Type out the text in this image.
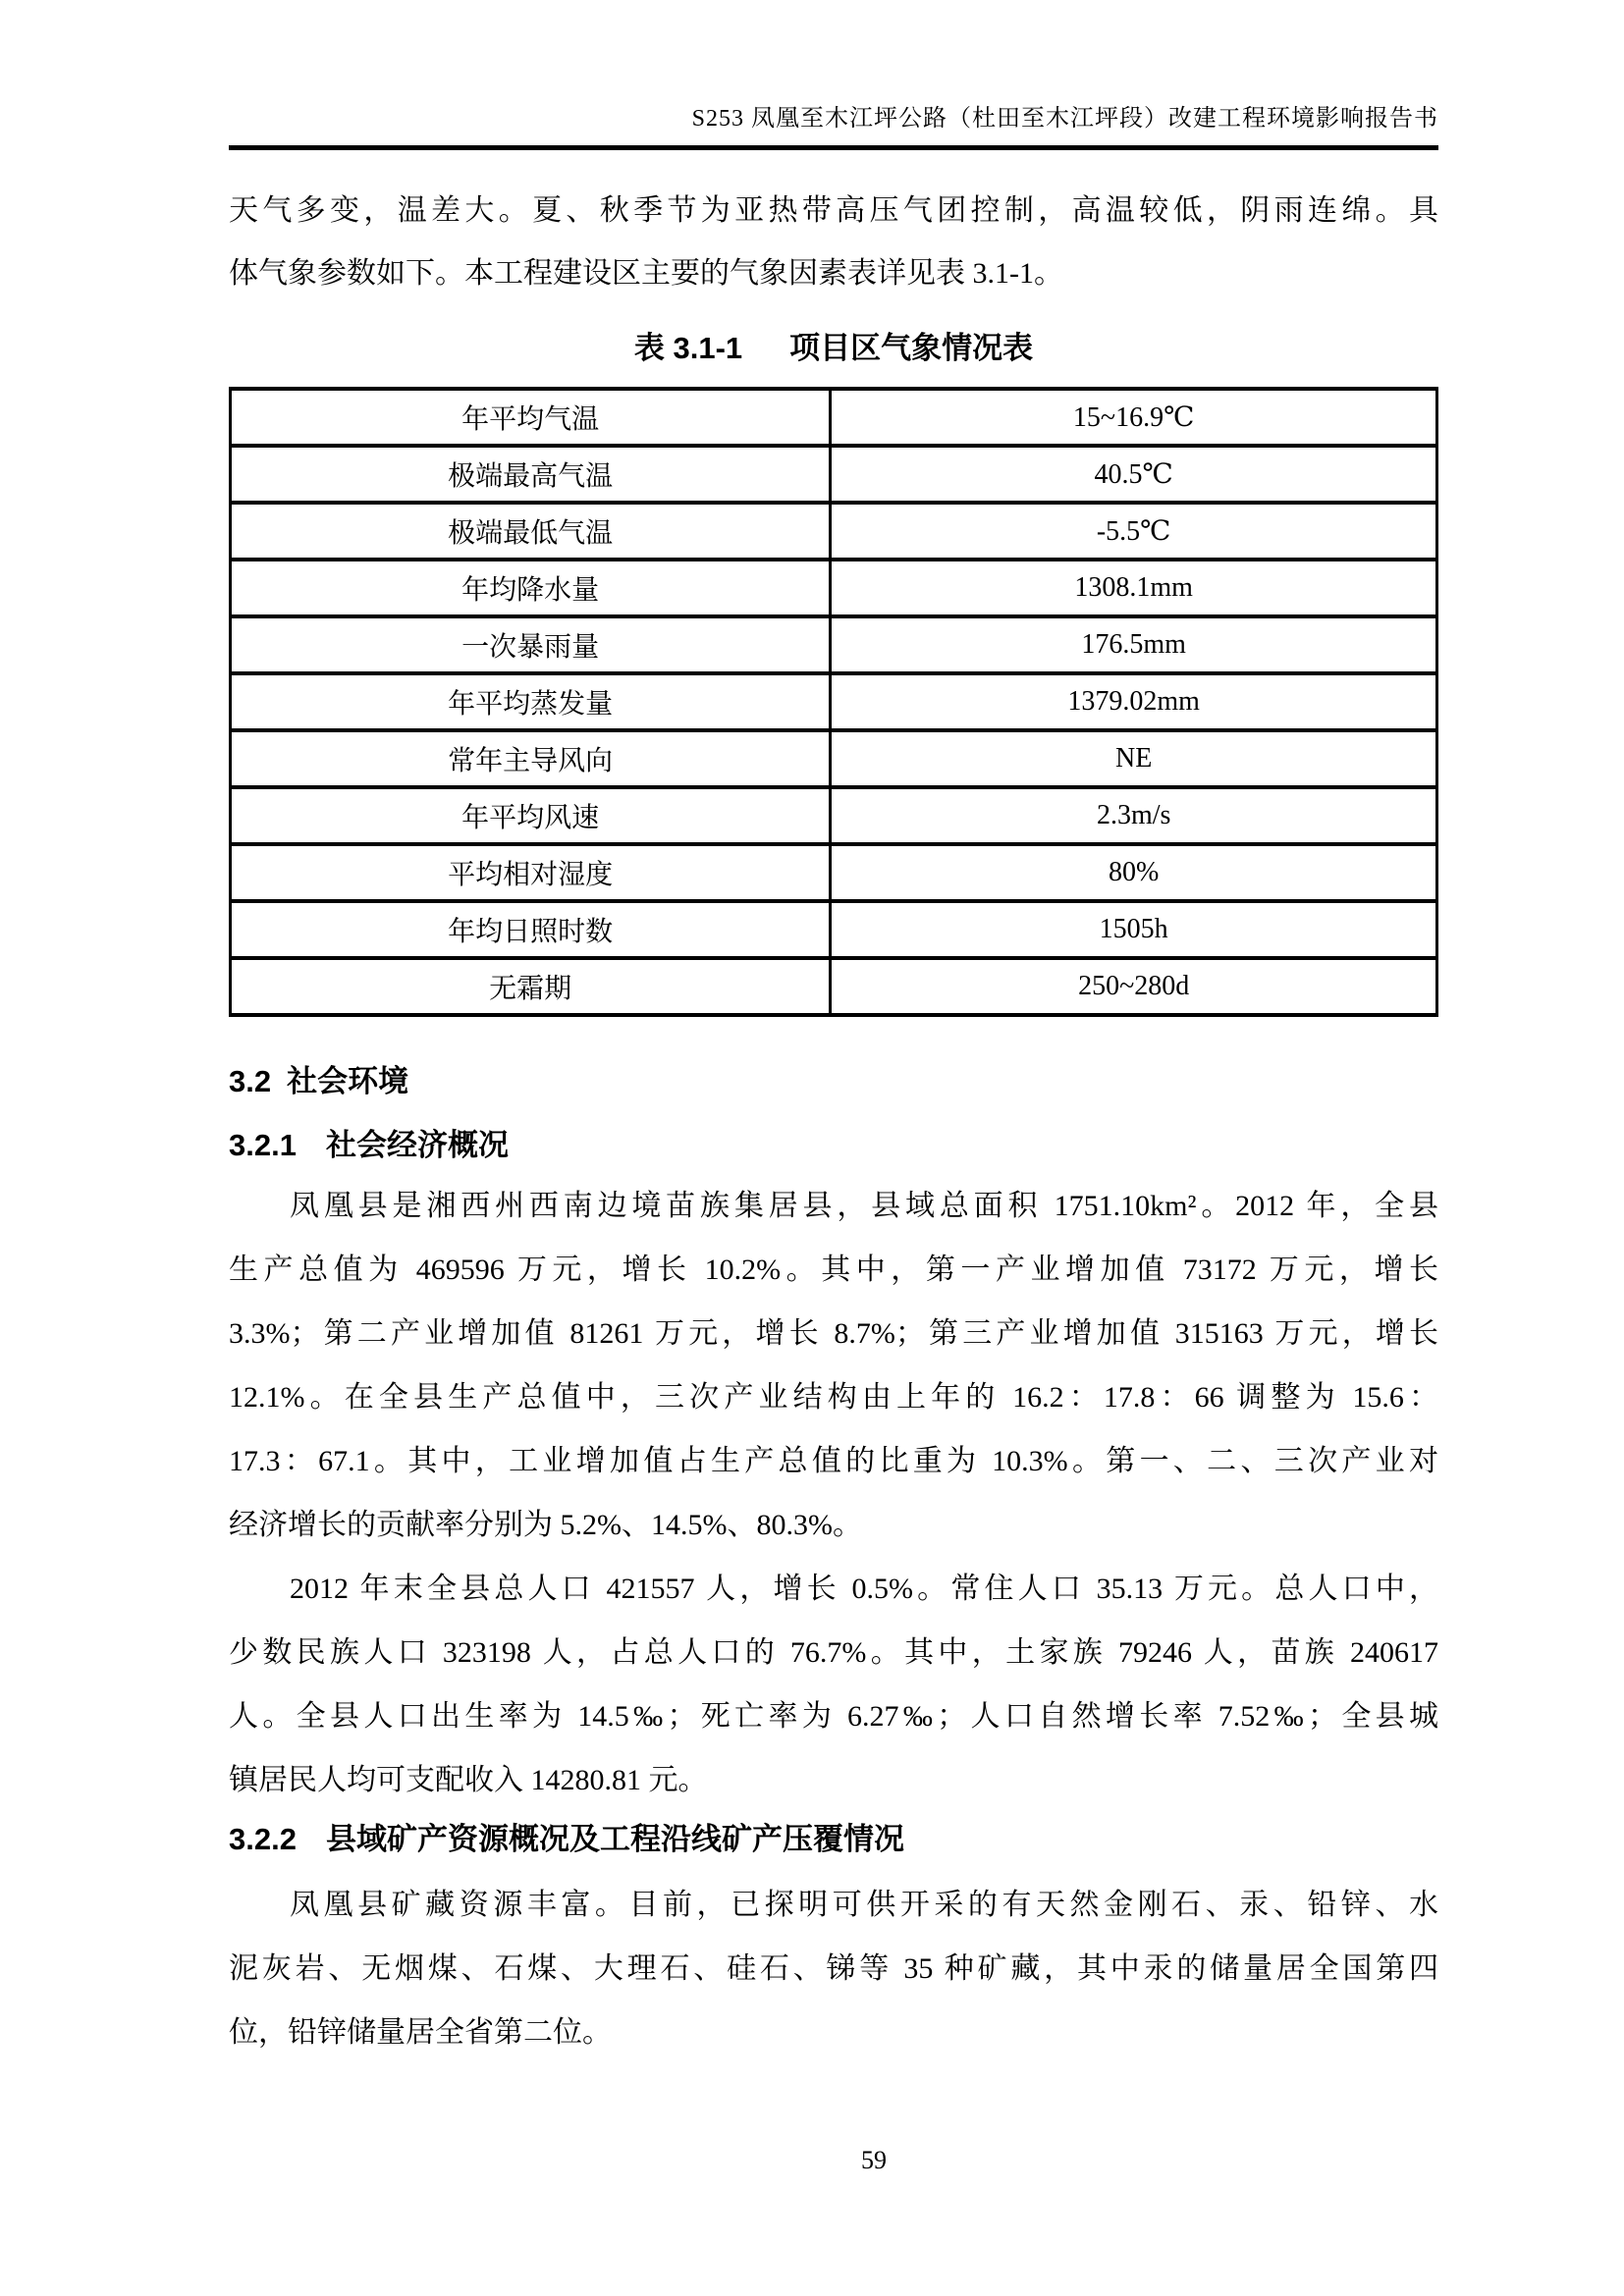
S253 凤凰至木江坪公路（杜田至木江坪段）改建工程环境影响报告书
天气多变，温差大。夏、秋季节为亚热带高压气团控制，高温较低，阴雨连绵。具
体气象参数如下。本工程建设区主要的气象因素表详见表 3.1-1。
表 3.1-1 项目区气象情况表
年平均气温	15~16.9℃
极端最高气温	40.5℃
极端最低气温	-5.5℃
年均降水量	1308.1mm
一次暴雨量	176.5mm
年平均蒸发量	1379.02mm
常年主导风向	NE
年平均风速	2.3m/s
平均相对湿度	80%
年均日照时数	1505h
无霜期	250~280d
3.2 社会环境
3.2.1 社会经济概况
凤凰县是湘西州西南边境苗族集居县，县域总面积 1751.10km²。2012 年，全县
生产总值为 469596 万元，增长 10.2%。其中，第一产业增加值 73172 万元，增长
3.3%；第二产业增加值 81261 万元，增长 8.7%；第三产业增加值 315163 万元，增长
12.1%。在全县生产总值中，三次产业结构由上年的 16.2：17.8：66 调整为 15.6：
17.3：67.1。其中，工业增加值占生产总值的比重为 10.3%。第一、二、三次产业对
经济增长的贡献率分别为 5.2%、14.5%、80.3%。
2012 年末全县总人口 421557 人，增长 0.5%。常住人口 35.13 万元。总人口中，
少数民族人口 323198 人，占总人口的 76.7%。其中，土家族 79246 人，苗族 240617
人。全县人口出生率为 14.5‰；死亡率为 6.27‰；人口自然增长率 7.52‰；全县城
镇居民人均可支配收入 14280.81 元。
3.2.2 县域矿产资源概况及工程沿线矿产压覆情况
凤凰县矿藏资源丰富。目前，已探明可供开采的有天然金刚石、汞、铅锌、水
泥灰岩、无烟煤、石煤、大理石、硅石、锑等 35 种矿藏，其中汞的储量居全国第四
位，铅锌储量居全省第二位。
59
